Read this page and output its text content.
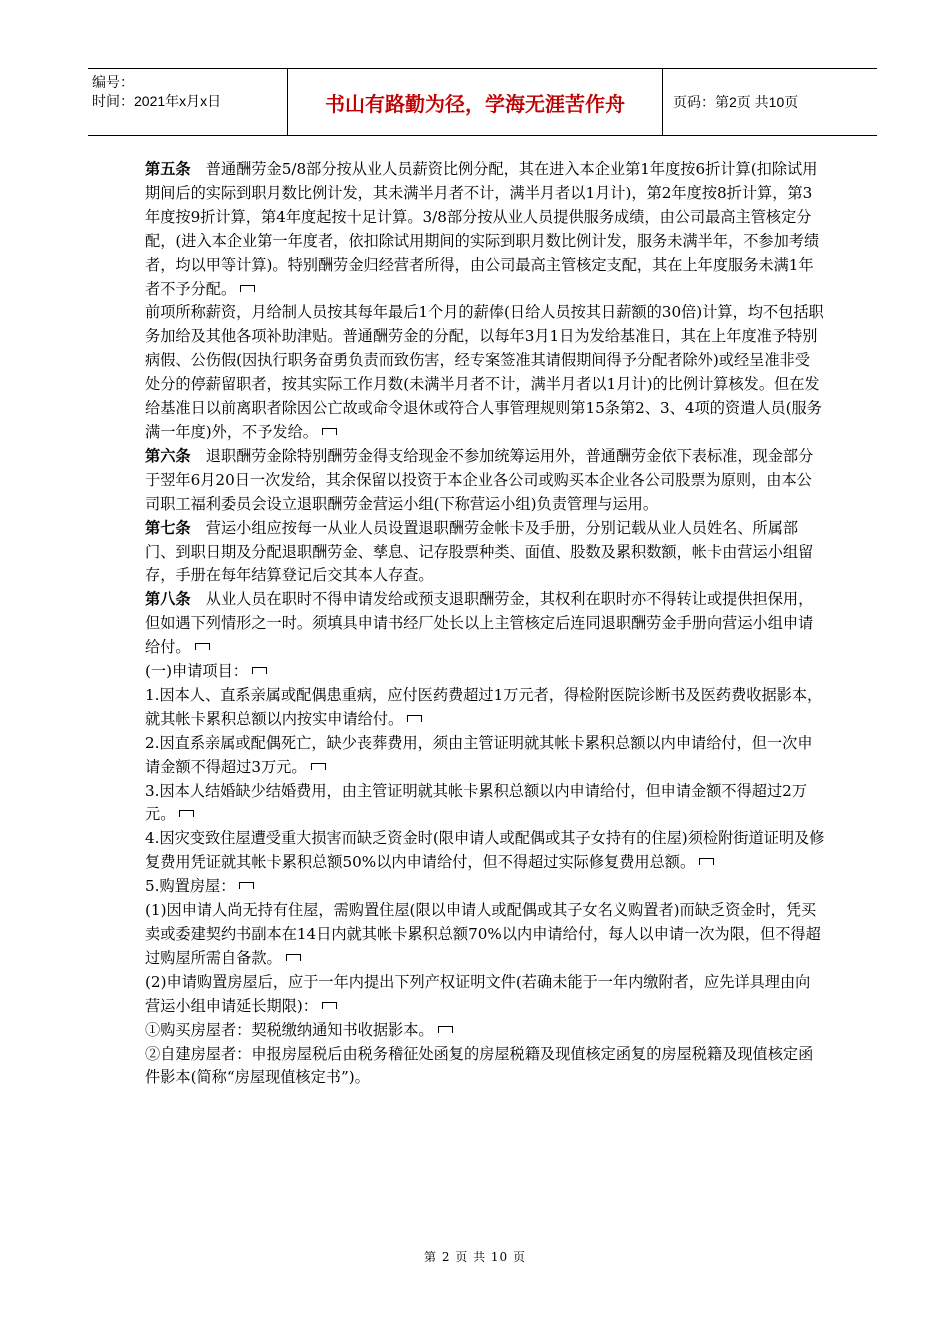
编号：
时间：2021年x月x日	书山有路勤为径，学海无涯苦作舟	页码：第2页 共10页

第五条  普通酬劳金5/8部分按从业人员薪资比例分配，其在进入本企业第1年度按6折计算(扣除试用期间后的实际到职月数比例计发，其未满半月者不计，满半月者以1月计)，第2年度按8折计算，第3年度按9折计算，第4年度起按十足计算。3/8部分按从业人员提供服务成绩，由公司最高主管核定分配，(进入本企业第一年度者，依扣除试用期间的实际到职月数比例计发，服务未满半年，不参加考绩者，均以甲等计算)。特别酬劳金归经营者所得，由公司最高主管核定支配，其在上年度服务未满1年者不予分配。

前项所称薪资，月给制人员按其每年最后1个月的薪俸(日给人员按其日薪额的30倍)计算，均不包括职务加给及其他各项补助津贴。普通酬劳金的分配，以每年3月1日为发给基准日，其在上年度准予特别病假、公伤假(因执行职务奋勇负责而致伤害，经专案签准其请假期间得予分配者除外)或经呈准非受处分的停薪留职者，按其实际工作月数(未满半月者不计，满半月者以1月计)的比例计算核发。但在发给基准日以前离职者除因公亡故或命令退休或符合人事管理规则第15条第2、3、4项的资遣人员(服务满一年度)外，不予发给。

第六条  退职酬劳金除特别酬劳金得支给现金不参加统筹运用外，普通酬劳金依下表标准，现金部分于翌年6月20日一次发给，其余保留以投资于本企业各公司或购买本企业各公司股票为原则，由本公司职工福利委员会设立退职酬劳金营运小组(下称营运小组)负责管理与运用。

第七条  营运小组应按每一从业人员设置退职酬劳金帐卡及手册，分别记载从业人员姓名、所属部门、到职日期及分配退职酬劳金、孳息、记存股票种类、面值、股数及累积数额，帐卡由营运小组留存，手册在每年结算登记后交其本人存查。

第八条  从业人员在职时不得申请发给或预支退职酬劳金，其权利在职时亦不得转让或提供担保用，但如遇下列情形之一时。须填具申请书经厂处长以上主管核定后连同退职酬劳金手册向营运小组申请给付。

(一)申请项目：

1.因本人、直系亲属或配偶患重病，应付医药费超过1万元者，得检附医院诊断书及医药费收据影本，就其帐卡累积总额以内按实申请给付。

2.因直系亲属或配偶死亡，缺少丧葬费用，须由主管证明就其帐卡累积总额以内申请给付，但一次申请金额不得超过3万元。

3.因本人结婚缺少结婚费用，由主管证明就其帐卡累积总额以内申请给付，但申请金额不得超过2万元。

4.因灾变致住屋遭受重大损害而缺乏资金时(限申请人或配偶或其子女持有的住屋)须检附街道证明及修复费用凭证就其帐卡累积总额50%以内申请给付，但不得超过实际修复费用总额。

5.购置房屋：

(1)因申请人尚无持有住屋，需购置住屋(限以申请人或配偶或其子女名义购置者)而缺乏资金时，凭买卖或委建契约书副本在14日内就其帐卡累积总额70%以内申请给付，每人以申请一次为限，但不得超过购屋所需自备款。

(2)申请购置房屋后，应于一年内提出下列产权证明文件(若确未能于一年内缴附者，应先详具理由向营运小组申请延长期限)：

①购买房屋者：契税缴纳通知书收据影本。

②自建房屋者：申报房屋税后由税务稽征处函复的房屋税籍及现值核定函复的房屋税籍及现值核定函件影本(简称“房屋现值核定书”)。

第 2 页 共 10 页
